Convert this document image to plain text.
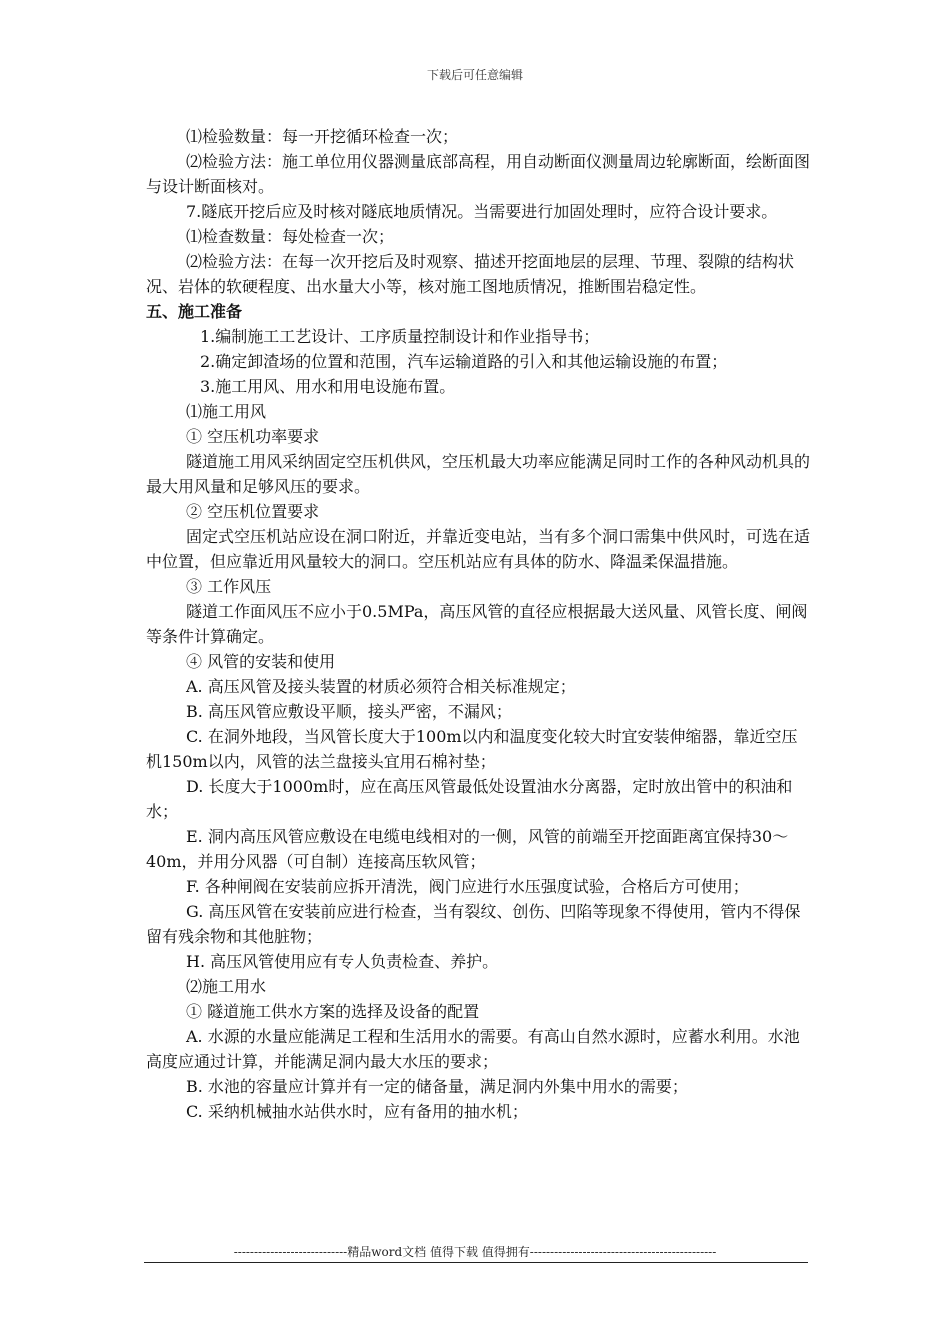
下载后可任意编辑

⑴检验数量：每一开挖循环检查一次；

⑵检验方法：施工单位用仪器测量底部高程，用自动断面仪测量周边轮廓断面，绘断面图与设计断面核对。

7.隧底开挖后应及时核对隧底地质情况。当需要进行加固处理时，应符合设计要求。

⑴检查数量：每处检查一次；

⑵检验方法：在每一次开挖后及时观察、描述开挖面地层的层理、节理、裂隙的结构状况、岩体的软硬程度、出水量大小等，核对施工图地质情况，推断围岩稳定性。

五、施工准备

1.编制施工工艺设计、工序质量控制设计和作业指导书；

2.确定卸渣场的位置和范围，汽车运输道路的引入和其他运输设施的布置；

3.施工用风、用水和用电设施布置。

⑴施工用风

① 空压机功率要求

隧道施工用风采纳固定空压机供风，空压机最大功率应能满足同时工作的各种风动机具的最大用风量和足够风压的要求。

② 空压机位置要求

固定式空压机站应设在洞口附近，并靠近变电站，当有多个洞口需集中供风时，可选在适中位置，但应靠近用风量较大的洞口。空压机站应有具体的防水、降温柔保温措施。

③ 工作风压

隧道工作面风压不应小于0.5MPa，高压风管的直径应根据最大送风量、风管长度、闸阀等条件计算确定。

④ 风管的安装和使用

A. 高压风管及接头装置的材质必须符合相关标准规定；

B. 高压风管应敷设平顺，接头严密，不漏风；

C. 在洞外地段，当风管长度大于100m以内和温度变化较大时宜安装伸缩器，靠近空压机150m以内，风管的法兰盘接头宜用石棉衬垫；

D. 长度大于1000m时，应在高压风管最低处设置油水分离器，定时放出管中的积油和水；

E. 洞内高压风管应敷设在电缆电线相对的一侧，风管的前端至开挖面距离宜保持30～40m，并用分风器（可自制）连接高压软风管；

F. 各种闸阀在安装前应拆开清洗，阀门应进行水压强度试验，合格后方可使用；

G. 高压风管在安装前应进行检查，当有裂纹、创伤、凹陷等现象不得使用，管内不得保留有残余物和其他脏物；

H. 高压风管使用应有专人负责检查、养护。

⑵施工用水

① 隧道施工供水方案的选择及设备的配置

A. 水源的水量应能满足工程和生活用水的需要。有高山自然水源时，应蓄水利用。水池高度应通过计算，并能满足洞内最大水压的要求；

B. 水池的容量应计算并有一定的储备量，满足洞内外集中用水的需要；

C. 采纳机械抽水站供水时，应有备用的抽水机；

----------------------------精品word文档 值得下载 值得拥有----------------------------------------------
